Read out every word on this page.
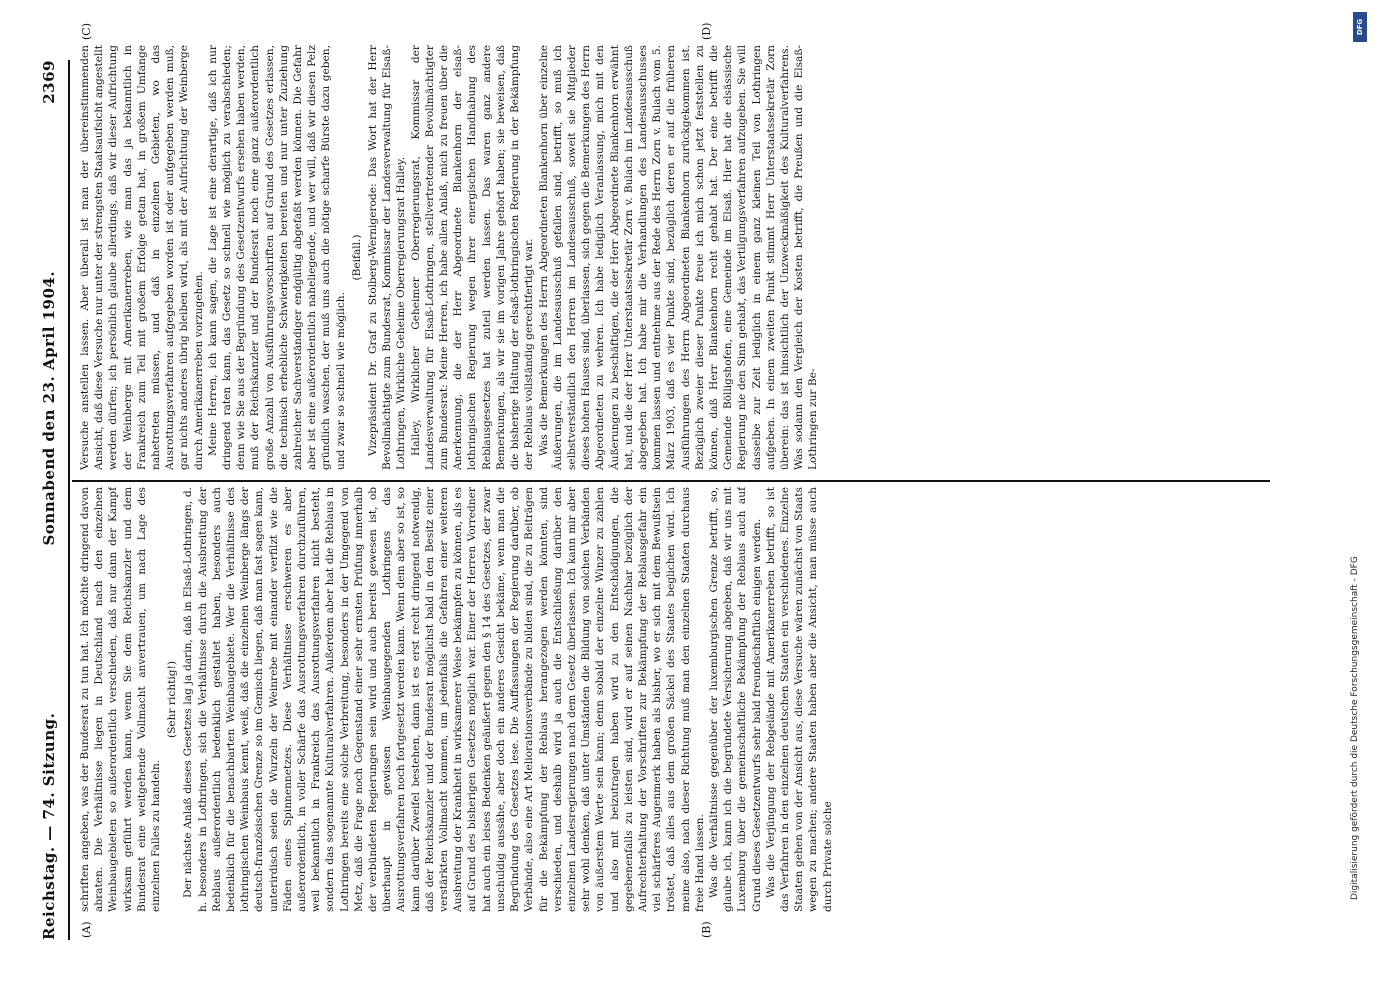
Reichstag. — 74. Sitzung.
Sonnabend den 23. April 1904.
2369
(A)	(B)
(C)	(D)

schriften angeben, was der Bundesrat zu tun hat. Ich möchte dringend davon abraten. Die Verhältnisse liegen in Deutschland nach den einzelnen Weinbaugebieten so außerordentlich verschieden, daß nur dann der Kampf wirksam geführt werden kann, wenn Sie dem Reichskanzler und dem Bundesrat eine weitgehende Vollmacht anvertrauen, um nach Lage des einzelnen Falles zu handeln.

(Sehr richtig!) Der nächste Anlaß dieses Gesetzes lag ja darin, daß in Elsaß-Lothringen, d. h. besonders in Lothringen, sich die Verhältnisse durch die Ausbreitung der Reblaus außerordentlich bedenklich gestaltet haben, besonders auch bedenklich für die benachbarten Weinbaugebiete. Wer die Verhältnisse des lothringischen Weinbaus kennt, weiß, daß die einzelnen Weinberge längs der deutsch-französischen Grenze so im Gemisch liegen, daß man fast sagen kann, unterirdisch seien die Wurzeln der Weinrebe mit einander verfilzt wie die Fäden eines Spinnennetzes. Diese Verhältnisse erschweren es aber außerordentlich, in voller Schärfe das Ausrottungsverfahren durchzuführen, weil bekanntlich in Frankreich das Ausrottungsverfahren nicht besteht, sondern das sogenannte Kulturalverfahren. Außerdem aber hat die Reblaus in Lothringen bereits eine solche Verbreitung, besonders in der Umgegend von Metz, daß die Frage noch Gegenstand einer sehr ernsten Prüfung innerhalb der verbündeten Regierungen sein wird und auch bereits gewesen ist, ob überhaupt in gewissen Weinbaugegenden Lothringens das Ausrottungsverfahren noch fortgesetzt werden kann. Wenn dem aber so ist, so kann darüber Zweifel bestehen, dann ist es erst recht dringend notwendig, daß der Reichskanzler und der Bundesrat möglichst bald in den Besitz einer verstärkten Vollmacht kommen, um jedenfalls die Gefahren einer weiteren Ausbreitung der Krankheit in wirksamerer Weise bekämpfen zu können, als es auf Grund des bisherigen Gesetzes möglich war. Einer der Herren Vorredner hat auch ein leises Bedenken geäußert gegen den § 14 des Gesetzes, der zwar unschuldig aussähe, aber doch ein anderes Gesicht bekäme, wenn man die Begründung des Gesetzes lese. Die Auffassungen der Regierung darüber, ob Verbände, also eine Art Meliorationsverbände zu bilden sind, die zu Beiträgen für die Bekämpfung der Reblaus herangezogen werden könnten, sind verschieden, und deshalb wird ja auch die Entschließung darüber den einzelnen Landesregierungen nach dem Gesetz überlassen. Ich kann mir aber sehr wohl denken, daß unter Umständen die Bildung von solchen Verbänden von äußerstem Werte sein kann; denn sobald der einzelne Winzer zu zahlen und also mit beizutragen haben wird zu den Entschädigungen, die gegebenenfalls zu leisten sind, wird er auf seinen Nachbar bezüglich der Aufrechterhaltung der Vorschriften zur Bekämpfung der Reblausgefahr ein viel schärferes Augenmerk haben als bisher, wo er sich mit dem Bewußtsein tröstet, daß alles aus dem großen Säckel des Staates beglichen wird. Ich meine also, nach dieser Richtung muß man den einzelnen Staaten durchaus freie Hand lassen. Was die Verhältnisse gegenüber der luxemburgischen Grenze betrifft, so, glaube ich, kann ich die begründete Versicherung abgeben, daß wir uns mit Luxemburg über die gemeinschaftliche Bekämpfung der Reblaus auch auf Grund dieses Gesetzentwurfs sehr bald freundschaftlich einigen werden. Was die Verjüngung der Rebgelände mit Amerikanerreben betrifft, so ist das Verfahren in den einzelnen deutschen Staaten ein verschiedenes. Einzelne Staaten gehen von der Ansicht aus, diese Versuche wären zunächst von Staats wegen zu machen; andere Staaten haben aber die Ansicht, man müsse auch durch Private solche

Versuche anstellen lassen. Aber überall ist man der übereinstimmenden Ansicht, daß diese Versuche nur unter der strengsten Staatsaufsicht angestellt werden dürfen; ich persönlich glaube allerdings, daß wir dieser Aufrichtung der Weinberge mit Amerikanerreben, wie man das ja bekanntlich in Frankreich zum Teil mit großem Erfolge getan hat, in großem Umfange nahetreten müssen, und daß in einzelnen Gebieten, wo das Ausrottungsverfahren aufgegeben worden ist oder aufgegeben werden muß, gar nichts anderes übrig bleiben wird, als mit der Aufrichtung der Weinberge durch Amerikanerreben vorzugehen. Meine Herren, ich kann sagen, die Lage ist eine derartige, daß ich nur dringend raten kann, das Gesetz so schnell wie möglich zu verabschieden; denn wie Sie aus der Begründung des Gesetzentwurfs ersehen haben werden, muß der Reichskanzler und der Bundesrat noch eine ganz außerordentlich große Anzahl von Ausführungsvorschriften auf Grund des Gesetzes erlassen, die technisch erhebliche Schwierigkeiten bereiten und nur unter Zuziehung zahlreicher Sachverständiger endgültig abgefaßt werden können. Die Gefahr aber ist eine außerordentlich naheliegende, und wer will, daß wir diesen Pelz gründlich waschen, der muß uns auch die nötige scharfe Bürste dazu geben, und zwar so schnell wie möglich.

(Beifall.) Vizepräsident Dr. Graf zu Stolberg-Wernigerode: Das Wort hat der Herr Bevollmächtigte zum Bundesrat, Kommissar der Landesverwaltung für Elsaß-Lothringen, Wirkliche Geheime Oberregierungsrat Halley. Halley, Wirklicher Geheimer Oberregierungsrat, Kommissar der Landesverwaltung für Elsaß-Lothringen, stellvertretender Bevollmächtigter zum Bundesrat: Meine Herren, ich habe allen Anlaß, mich zu freuen über die Anerkennung, die der Herr Abgeordnete Blankenhorn der elsaß-lothringischen Regierung wegen ihrer energischen Handhabung des Reblausgesetzes hat zuteil werden lassen. Das waren ganz andere Bemerkungen, als wir sie im vorigen Jahre gehört haben; sie beweisen, daß die bisherige Haltung der elsaß-lothringischen Regierung in der Bekämpfung der Reblaus vollständig gerechtfertigt war. Was die Bemerkungen des Herrn Abgeordneten Blankenhorn über einzelne Äußerungen, die im Landesausschuß gefallen sind, betrifft, so muß ich selbstverständlich den Herren im Landesausschuß, soweit sie Mitglieder dieses hohen Hauses sind, überlassen, sich gegen die Bemerkungen des Herrn Abgeordneten zu wehren. Ich habe lediglich Veranlassung, mich mit den Äußerungen zu beschäftigen, die der Herr Abgeordnete Blankenhorn erwähnt hat, und die der Herr Unterstaatssekretär Zorn v. Bulach im Landesausschuß abgegeben hat. Ich habe mir die Verhandlungen des Landesausschusses kommen lassen und entnehme aus der Rede des Herrn Zorn v. Bulach vom 5. März 1903, daß es vier Punkte sind, bezüglich deren er auf die früheren Ausführungen des Herrn Abgeordneten Blankenhorn zurückgekommen ist. Bezüglich zweier dieser Punkte freue ich mich schon jetzt feststellen zu können, daß Herr Blankenhorn recht gehabt hat. Der eine betrifft die Gemeinde Bölligshofen, eine Gemeinde im Elsaß. Hier hat die elsässische Regierung nie den Sinn gehabt, das Vertilgungsverfahren aufzugeben. Sie will dasselbe zur Zeit lediglich in einem ganz kleinen Teil von Lothringen aufgeben. In einem zweiten Punkt stimmt Herr Unterstaatssekretär Zorn überein: das ist hinsichtlich der Unzweckmäßigkeit des Kulturalverfahrens. Was sodann den Vergleich der Kosten betrifft, die Preußen und die Elsaß-Lothringen zur Be-

DFG
Digitalisierung gefördert durch die Deutsche Forschungsgemeinschaft - DFG
